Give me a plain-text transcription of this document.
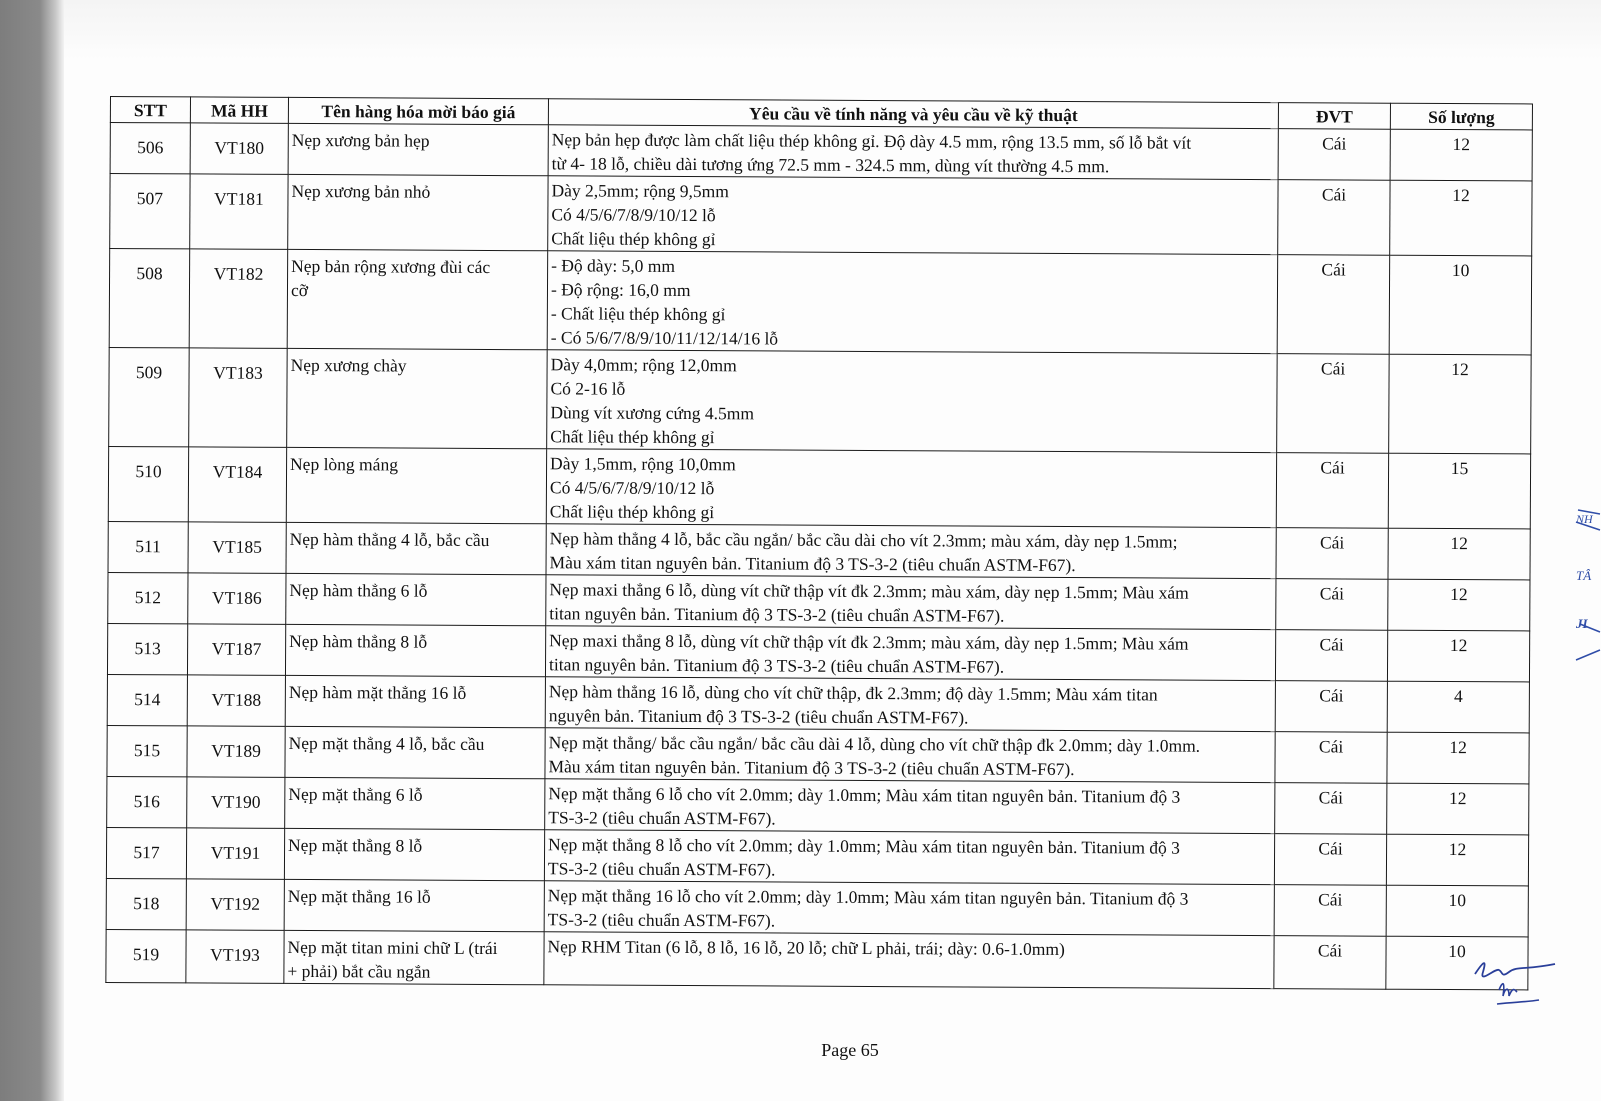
STT	Mã HH	Tên hàng hóa mời báo giá	Yêu cầu về tính năng và yêu cầu về kỹ thuật	ĐVT	Số lượng
506	VT180	Nẹp xương bản hẹp	Nẹp bản hẹp được làm chất liệu thép không gỉ. Độ dày 4.5 mm, rộng 13.5 mm, số lỗ bắt vít
từ 4- 18 lỗ, chiều dài tương ứng 72.5 mm - 324.5 mm, dùng vít thường 4.5 mm.	Cái	12
507	VT181	Nẹp xương bản nhỏ	Dày 2,5mm; rộng 9,5mm
Có 4/5/6/7/8/9/10/12 lỗ
Chất liệu thép không gỉ	Cái	12
508	VT182	Nẹp bản rộng xương đùi các
cỡ	- Độ dày: 5,0 mm
- Độ rộng: 16,0 mm
- Chất liệu thép không gỉ
- Có 5/6/7/8/9/10/11/12/14/16 lỗ	Cái	10
509	VT183	Nẹp xương chày	Dày 4,0mm; rộng 12,0mm
Có 2-16 lỗ
Dùng vít xương cứng 4.5mm
Chất liệu thép không gỉ	Cái	12
510	VT184	Nẹp lòng máng	Dày 1,5mm, rộng 10,0mm
Có 4/5/6/7/8/9/10/12 lỗ
Chất liệu thép không gỉ	Cái	15
511	VT185	Nẹp hàm thẳng 4 lỗ, bắc cầu	Nẹp hàm thẳng 4 lỗ, bắc cầu ngắn/ bắc cầu dài cho vít 2.3mm; màu xám, dày nẹp 1.5mm;
Màu xám titan nguyên bản. Titanium độ 3 TS-3-2 (tiêu chuẩn ASTM-F67).	Cái	12
512	VT186	Nẹp hàm thẳng 6 lỗ	Nẹp maxi thẳng 6 lỗ, dùng vít chữ thập vít đk 2.3mm; màu xám, dày nẹp 1.5mm; Màu xám
titan nguyên bản. Titanium độ 3 TS-3-2 (tiêu chuẩn ASTM-F67).	Cái	12
513	VT187	Nẹp hàm thẳng 8 lỗ	Nẹp maxi thẳng 8 lỗ, dùng vít chữ thập vít đk 2.3mm; màu xám, dày nẹp 1.5mm; Màu xám
titan nguyên bản. Titanium độ 3 TS-3-2 (tiêu chuẩn ASTM-F67).	Cái	12
514	VT188	Nẹp hàm mặt thẳng 16 lỗ	Nẹp hàm thẳng 16 lỗ, dùng cho vít chữ thập, đk 2.3mm; độ dày 1.5mm; Màu xám titan
nguyên bản. Titanium độ 3 TS-3-2 (tiêu chuẩn ASTM-F67).	Cái	4
515	VT189	Nẹp mặt thẳng 4 lỗ, bắc cầu	Nẹp mặt thẳng/ bắc cầu ngắn/ bắc cầu dài 4 lỗ, dùng cho vít chữ thập đk 2.0mm; dày 1.0mm.
Màu xám titan nguyên bản. Titanium độ 3 TS-3-2 (tiêu chuẩn ASTM-F67).	Cái	12
516	VT190	Nẹp mặt thẳng 6 lỗ	Nẹp mặt thẳng 6 lỗ cho vít 2.0mm; dày 1.0mm; Màu xám titan nguyên bản. Titanium độ 3
TS-3-2 (tiêu chuẩn ASTM-F67).	Cái	12
517	VT191	Nẹp mặt thẳng 8 lỗ	Nẹp mặt thẳng 8 lỗ cho vít 2.0mm; dày 1.0mm; Màu xám titan nguyên bản. Titanium độ 3
TS-3-2 (tiêu chuẩn ASTM-F67).	Cái	12
518	VT192	Nẹp mặt thẳng 16 lỗ	Nẹp mặt thẳng 16 lỗ cho vít 2.0mm; dày 1.0mm; Màu xám titan nguyên bản. Titanium độ 3
TS-3-2 (tiêu chuẩn ASTM-F67).	Cái	10
519	VT193	Nẹp mặt titan mini chữ L (trái
+ phải) bắt cầu ngắn	Nẹp RHM Titan (6 lỗ, 8 lỗ, 16 lỗ, 20 lỗ; chữ L phải, trái; dày: 0.6-1.0mm)	Cái	10
Page 65
NH
TÂ
JI
